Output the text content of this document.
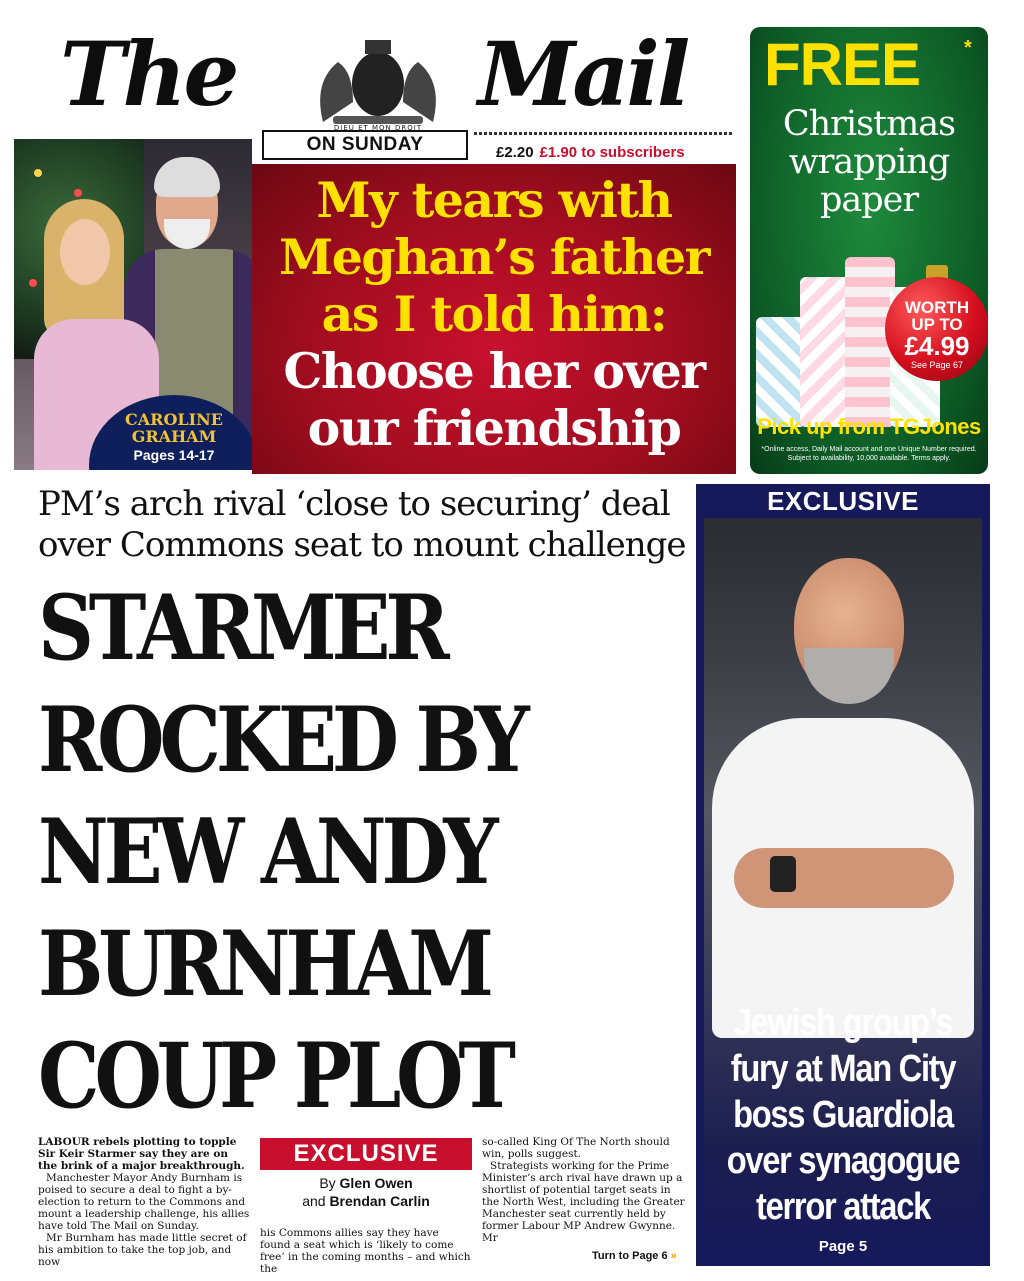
The
DIEU ET MON DROIT
Mail
ON SUNDAY	£2.20 £1.90 to subscribers
CAROLINE
GRAHAM
Pages 14-17
My tears with
Meghan’s father
as I told him:
Choose her over
our friendship
FREE *
Christmas
wrapping
paper
WORTH
UP TO
£4.99
See Page 67
Pick up from TGJones
*Online access, Daily Mail account and one Unique Number required.
Subject to availability, 10,000 available. Terms apply.
PM’s arch rival ‘close to securing’ deal
over Commons seat to mount challenge
STARMER
ROCKED BY
NEW ANDY
BURNHAM
COUP PLOT

LABOUR rebels plotting to topple Sir Keir Starmer say they are on the brink of a major breakthrough.

Manchester Mayor Andy Burnham is poised to secure a deal to fight a by-election to return to the Commons and mount a leadership challenge, his allies have told The Mail on Sunday.

Mr Burnham has made little secret of his ambition to take the top job, and now

EXCLUSIVE
By Glen Owen
and Brendan Carlin

his Commons allies say they have found a seat which is ‘likely to come free’ in the coming months – and which the

so-called King Of The North should win, polls suggest.

Strategists working for the Prime Minister’s arch rival have drawn up a shortlist of potential target seats in the North West, including the Greater Manchester seat currently held by former Labour MP Andrew Gwynne. Mr

Turn to Page 6 »
EXCLUSIVE
Jewish group’s
fury at Man City
boss Guardiola
over synagogue
terror attack
Page 5
